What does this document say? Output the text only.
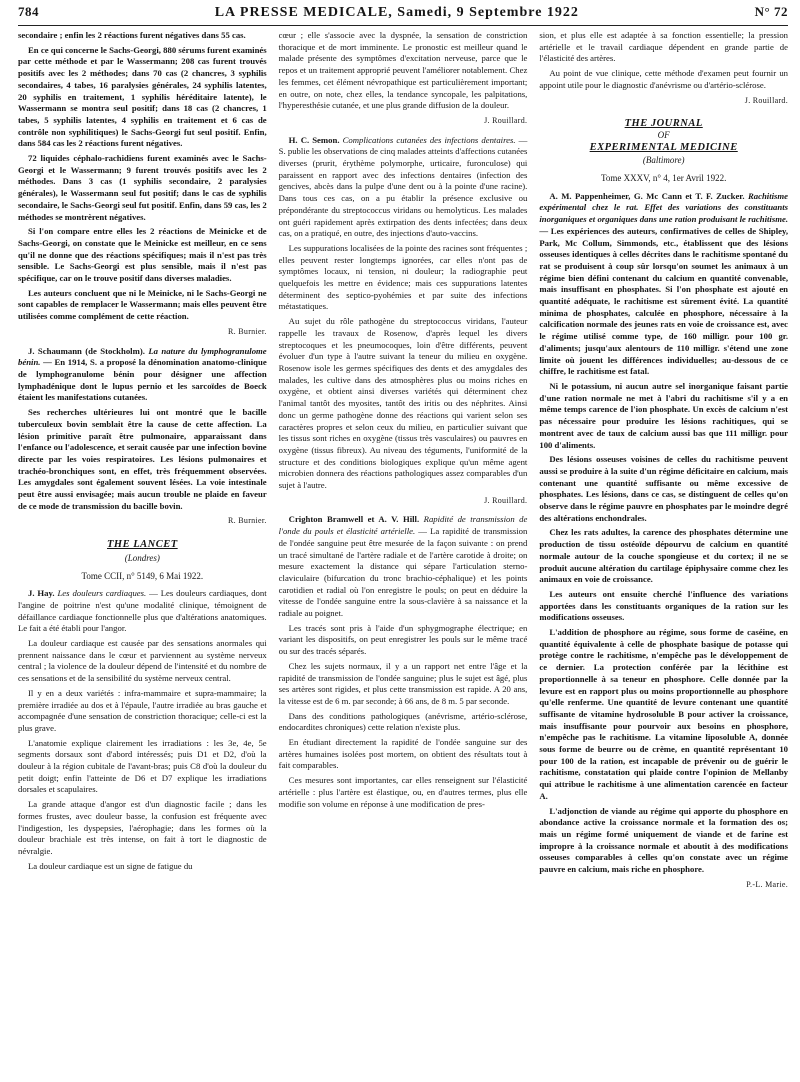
784	LA PRESSE MEDICALE, Samedi, 9 Septembre 1922	N° 72

secondaire ; enfin les 2 réactions furent négatives dans 55 cas.

En ce qui concerne le Sachs-Georgi, 880 sérums furent examinés par cette méthode et par le Wassermann; 208 cas furent trouvés positifs avec les 2 méthodes; dans 70 cas (2 chancres, 3 syphilis secondaires, 4 tabes, 16 paralysies générales, 24 syphilis latentes, 20 syphilis en traitement, 1 syphilis héréditaire latente), le Wassermann se montra seul positif; dans 18 cas (2 chancres, 1 tabes, 5 syphilis latentes, 4 syphilis en traitement et 6 cas de contrôle non syphilitiques) le Sachs-Georgi fut seul positif. Enfin, dans 584 cas les 2 réactions furent négatives.

72 liquides céphalo-rachidiens furent examinés avec le Sachs-Georgi et le Wassermann; 9 furent trouvés positifs avec les 2 méthodes. Dans 3 cas (1 syphilis secondaire, 2 paralysies générales), le Wassermann seul fut positif; dans le cas de syphilis secondaire, le Sachs-Georgi seul fut positif. Enfin, dans 59 cas, les 2 méthodes se montrèrent négatives.

Si l'on compare entre elles les 2 réactions de Meinicke et de Sachs-Georgi, on constate que le Meinicke est meilleur, en ce sens qu'il ne donne que des réactions spécifiques; mais il n'est pas très sensible. Le Sachs-Georgi est plus sensible, mais il n'est pas spécifique, car on le trouve positif dans diverses maladies.

Les auteurs concluent que ni le Meinicke, ni le Sachs-Georgi ne sont capables de remplacer le Wassermann; mais elles peuvent être utilisées comme complément de cette réaction.

R. Burnier.

J. Schaumann (de Stockholm). La nature du lymphogranulome bénin. — En 1914, S. a proposé la dénomination anatomo-clinique de lymphogranulome bénin pour désigner une affection lymphadénique dont le lupus pernio et les sarcoïdes de Boeck étaient les manifestations cutanées.

Ses recherches ultérieures lui ont montré que le bacille tuberculeux bovin semblait être la cause de cette affection. La lésion primitive paraît être pulmonaire, apparaissant dans l'enfance ou l'adolescence, et serait causée par une infection bovine directe par les voies respiratoires. Les lésions pulmonaires et trachéo-bronchiques sont, en effet, très fréquemment observées. Les amygdales sont également souvent lésées. La voie intestinale peut être aussi envisagée; mais aucun trouble ne plaide en faveur de ce mode de transmission du bacille bovin.

R. Burnier.
THE LANCET
(Londres)
Tome CCII, n° 5149, 6 Mai 1922.

J. Hay. Les douleurs cardiaques. — Les douleurs cardiaques, dont l'angine de poitrine n'est qu'une modalité clinique, témoignent de défaillance cardiaque fonctionnelle plus que d'altérations anatomiques. Le fait a été établi pour l'angor.

La douleur cardiaque est causée par des sensations anormales qui prennent naissance dans le cœur et parviennent au système nerveux central ; la violence de la douleur dépend de l'intensité et du nombre de ces sensations et de la sensibilité du système nerveux central.

Il y en a deux variétés : infra-mammaire et supra-mammaire; la première irradiée au dos et à l'épaule, l'autre irradiée au bras gauche et accompagnée d'une sensation de constriction thoracique; celle-ci est la plus grave.

L'anatomie explique clairement les irradiations : les 3e, 4e, 5e segments dorsaux sont d'abord intéressés; puis D1 et D2, d'où la douleur à la région cubitale de l'avant-bras; puis C8 d'où la douleur du petit doigt; enfin l'atteinte de D6 et D7 explique les irradiations dorsales et scapulaires.

La grande attaque d'angor est d'un diagnostic facile ; dans les formes frustes, avec douleur basse, la confusion est fréquente avec l'indigestion, les dyspepsies, l'aérophagie; dans les formes où la douleur brachiale est très intense, on fait à tort le diagnostic de névralgie.

La douleur cardiaque est un signe de fatigue du

cœur ; elle s'associe avec la dyspnée, la sensation de constriction thoracique et de mort imminente. Le pronostic est meilleur quand le malade présente des symptômes d'excitation nerveuse, parce que le repos et un traitement approprié peuvent l'améliorer notablement. Chez les femmes, cet élément névropathique est particulièrement important; en outre, on note, chez elles, la tendance syncopale, les palpitations, l'hyperesthésie cutanée, et une plus grande diffusion de la douleur.

J. Rouillard.

H. C. Semon. Complications cutanées des infections dentaires. — S. publie les observations de cinq malades atteints d'affections cutanées diverses (prurit, érythème polymorphe, urticaire, furonculose) qui paraissent en rapport avec des infections dentaires (infection des gencives, abcès dans la pulpe d'une dent ou à la pointe d'une racine). Dans tous ces cas, on a pu établir la présence exclusive ou prépondérante du streptococcus viridans ou hemolyticus. Les malades ont guéri rapidement après extirpation des dents infectées; dans deux cas, on a pratiqué, en outre, des injections d'auto-vaccins.

Les suppurations localisées de la pointe des racines sont fréquentes ; elles peuvent rester longtemps ignorées, car elles n'ont pas de symptômes locaux, ni tension, ni douleur; la radiographie peut quelquefois les mettre en évidence; mais ces suppurations latentes déterminent des septico-pyohémies et par suite des infections métastatiques.

Au sujet du rôle pathogène du streptococcus viridans, l'auteur rappelle les travaux de Rosenow, d'après lequel les divers streptocoques et les pneumocoques, loin d'être différents, peuvent évoluer d'un type à l'autre suivant la teneur du milieu en oxygène. Rosenow isole les germes spécifiques des dents et des amygdales des malades, les cultive dans des atmosphères plus ou moins riches en oxygène, et obtient ainsi diverses variétés qui déterminent chez l'animal tantôt des myosites, tantôt des iritis ou des néphrites. Ainsi donc un germe pathogène donne des réactions qui varient selon ses caractères propres et selon ceux du milieu, en particulier suivant que les tissus sont riches en oxygène (tissus très vasculaires) ou pauvres en oxygène (tissus fibreux). Au niveau des téguments, l'uniformité de la structure et des conditions biologiques explique qu'un même agent microbien donnera des réactions pathologiques assez comparables d'un sujet à l'autre.

J. Rouillard.

Crighton Bramwell et A. V. Hill. Rapidité de transmission de l'onde du pouls et élasticité artérielle. — La rapidité de transmission de l'ondée sanguine peut être mesurée de la façon suivante : on prend un tracé simultané de l'artère radiale et de l'artère carotide à droite; on mesure exactement la distance qui sépare l'articulation sterno-claviculaire (bifurcation du tronc brachio-céphalique) et les points carotidien et radial où l'on enregistre le pouls; on peut en déduire la vitesse de l'ondée sanguine entre la sous-clavière à sa naissance et la radiale au poignet.

Les tracés sont pris à l'aide d'un sphygmographe électrique; en variant les dispositifs, on peut enregistrer les pouls sur le même tracé ou sur des tracés séparés.

Chez les sujets normaux, il y a un rapport net entre l'âge et la rapidité de transmission de l'ondée sanguine; plus le sujet est âgé, plus ses artères sont rigides, et plus cette transmission est rapide. A 20 ans, la vitesse est de 6 m. par seconde; à 66 ans, de 8 m. 5 par seconde.

Dans des conditions pathologiques (anévrisme, artério-sclérose, endocardites chroniques) cette relation n'existe plus.

En étudiant directement la rapidité de l'ondée sanguine sur des artères humaines isolées post mortem, on obtient des résultats tout à fait comparables.

Ces mesures sont importantes, car elles renseignent sur l'élasticité artérielle : plus l'artère est élastique, ou, en d'autres termes, plus elle modifie son volume en réponse à une modification de pres-

sion, et plus elle est adaptée à sa fonction essentielle; la pression artérielle et le travail cardiaque dépendent en grande partie de l'élasticité des artères.

Au point de vue clinique, cette méthode d'examen peut fournir un appoint utile pour le diagnostic d'anévrisme ou d'artério-sclérose.

J. Rouillard.
THE JOURNAL
OF
EXPERIMENTAL MEDICINE
(Baltimore)
Tome XXXV, n° 4, 1er Avril 1922.

A. M. Pappenheimer, G. Mc Cann et T. F. Zucker. Rachitisme expérimental chez le rat. Effet des variations des constituants inorganiques et organiques dans une ration produisant le rachitisme. — Les expériences des auteurs, confirmatives de celles de Shipley, Park, Mc Collum, Simmonds, etc., établissent que des lésions osseuses identiques à celles décrites dans le rachitisme spontané du rat se produisent à coup sûr lorsqu'on soumet les animaux à un régime bien défini contenant du calcium en quantité convenable, mais insuffisant en phosphates. Si l'on phosphate est ajouté en quantité adéquate, le rachitisme est sûrement évité. La quantité minima de phosphates, calculée en phosphore, nécessaire à la calcification normale des jeunes rats en voie de croissance est, avec le régime utilisé comme type, de 160 milligr. pour 100 gr. d'aliments; jusqu'aux alentours de 110 milligr. s'étend une zone limite où jouent les différences individuelles; au-dessous de ce chiffre, le rachitisme est fatal.

Ni le potassium, ni aucun autre sel inorganique faisant partie d'une ration normale ne met à l'abri du rachitisme s'il y a en même temps carence de l'ion phosphate. Un excès de calcium n'est pas nécessaire pour produire les lésions rachitiques, qui se montrent avec de taux de calcium aussi bas que 111 milligr. pour 100 d'aliments.

Des lésions osseuses voisines de celles du rachitisme peuvent aussi se produire à la suite d'un régime déficitaire en calcium, mais contenant une quantité suffisante ou même excessive de phosphates. Les lésions, dans ce cas, se distinguent de celles qu'on observe dans le régime pauvre en phosphates par le moindre degré des altérations enchondrales.

Chez les rats adultes, la carence des phosphates détermine une production de tissu ostéoïde dépourvu de calcium en quantité normale autour de la couche spongieuse et du cortex; il ne se produit aucune altération du cartilage épiphysaire comme chez les animaux en voie de croissance.

Les auteurs ont ensuite cherché l'influence des variations apportées dans les constituants organiques de la ration sur les modifications osseuses.

L'addition de phosphore au régime, sous forme de caséine, en quantité équivalente à celle de phosphate basique de potasse qui protège contre le rachitisme, n'empêche pas le développement de ce dernier. La protection conférée par la lécithine est proportionnelle à sa teneur en phosphore. Celle donnée par la levure est en rapport plus ou moins proportionnelle au phosphore qu'elle renferme. Une quantité de levure contenant une quantité suffisante de vitamine hydrosoluble B pour activer la croissance, mais insuffisante pour pourvoir aux besoins en phosphore, n'empêche pas le rachitisme. La vitamine liposoluble A, donnée sous forme de beurre ou de crème, en quantité représentant 10 pour 100 de la ration, est incapable de prévenir ou de guérir le rachitisme, constatation qui plaide contre l'opinion de Mellanby qui attribue le rachitisme à une alimentation carencée en facteur A.

L'adjonction de viande au régime qui apporte du phosphore en abondance active la croissance normale et la formation des os; mais un régime formé uniquement de viande et de farine est impropre à la croissance normale et aboutit à des modifications osseuses comparables à celles qu'on constate avec un régime pauvre en calcium, mais riche en phosphore.

P.-L. Marie.
